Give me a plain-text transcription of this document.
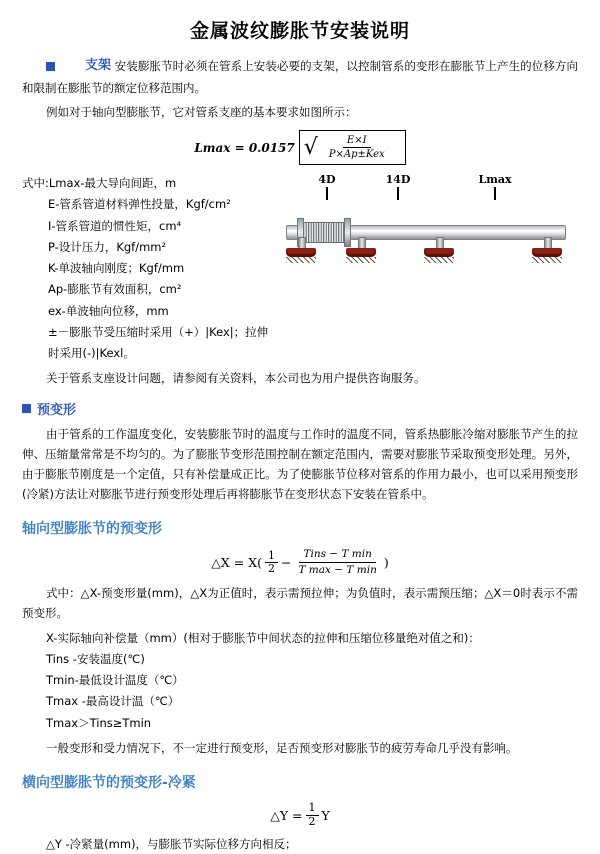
金属波纹膨胀节安装说明

支架 安装膨胀节时必须在管系上安装必要的支架，以控制管系的变形在膨胀节上产生的位移方向和限制在膨胀节的额定位移范围内。

例如对于轴向型膨胀节，它对管系支座的基本要求如图所示：

Lmax = 0.0157 √ $\frac{E\times I}{\text{P×Ap±Kex}}$
式中:Lmax-最大导向间距，m
E-管系管道材料弹性投量，Kgf/cm²
I-管系管道的惯性矩，cm⁴
P-设计压力，Kgf/mm²
K-单波轴向刚度；Kgf/mm
Ap-膨胀节有效面积，cm²
ex-单波轴向位移，mm
±－膨胀节受压缩时采用（+）|Kex|；拉伸时采用(-)|Kexl。
4D	14D	Lmax

关于管系支座设计问题，请参阅有关资料，本公司也为用户提供咨询服务。

预变形

由于管系的工作温度变化，安装膨胀节时的温度与工作时的温度不同，管系热膨胀冷缩对膨胀节产生的拉伸、压缩量常常是不均匀的。为了膨胀节变形范围控制在额定范围内，需要对膨胀节采取预变形处理。另外，由于膨胀节刚度是一个定值，只有补偿量成正比。为了使膨胀节位移对管系的作用力最小，也可以采用预变形(冷紧)方法让对膨胀节进行预变形处理后再将膨胀节在变形状态下安装在管系中。

轴向型膨胀节的预变形
△X = X(
1
2 −
Tins − T min
T max − T min )

式中：△X-预变形量(mm)，△X为正值时，表示需预拉伸；为负值时，表示需预压缩；△X＝0时表示不需预变形。

X-实际轴向补偿量（mm）(相对于膨胀节中间状态的拉伸和压缩位移量绝对值之和)：
Tins -安装温度(℃)
Tmin-最低设计温度（℃）
Tmax -最高设计温（℃）
Tmax＞Tins≥Tmin

一般变形和受力情况下，不一定进行预变形，足否预变形对膨胀节的疲劳寿命几乎没有影响。

横向型膨胀节的预变形-冷紧
△Y = $\frac{1}{2}$ Y

△Y -冷紧量(mm)，与膨胀节实际位移方向相反；
